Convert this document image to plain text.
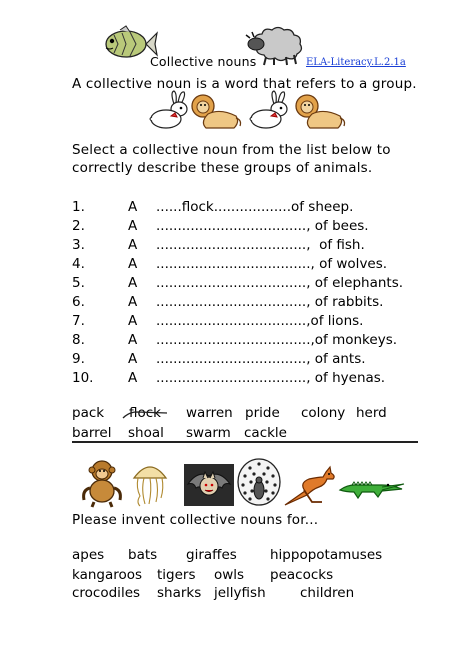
Collective nouns	ELA-Literacy.L.2.1a
A collective noun is a word that refers to a group.
Select a collective noun from the list below to
correctly describe these groups of animals.
1.	A	......flock.................. of sheep.
2.	A	..................................., of bees.
3.	A	..................................., of fish.
4.	A	.................................... , of wolves.
5.	A	..................................., of elephants.
6.	A	..................................., of rabbits.
7.	A	..................................., of lions.
8.	A	.................................... ,of monkeys.
9.	A	..................................., of ants.
10.	A	..................................., of hyenas.
pack flock warren pride colony herd
barrel shoal swarm cackle
Please invent collective nouns for...
apes bats giraffes hippopotamuses
kangaroos tigers owls peacocks
crocodiles sharks jellyfish	children
